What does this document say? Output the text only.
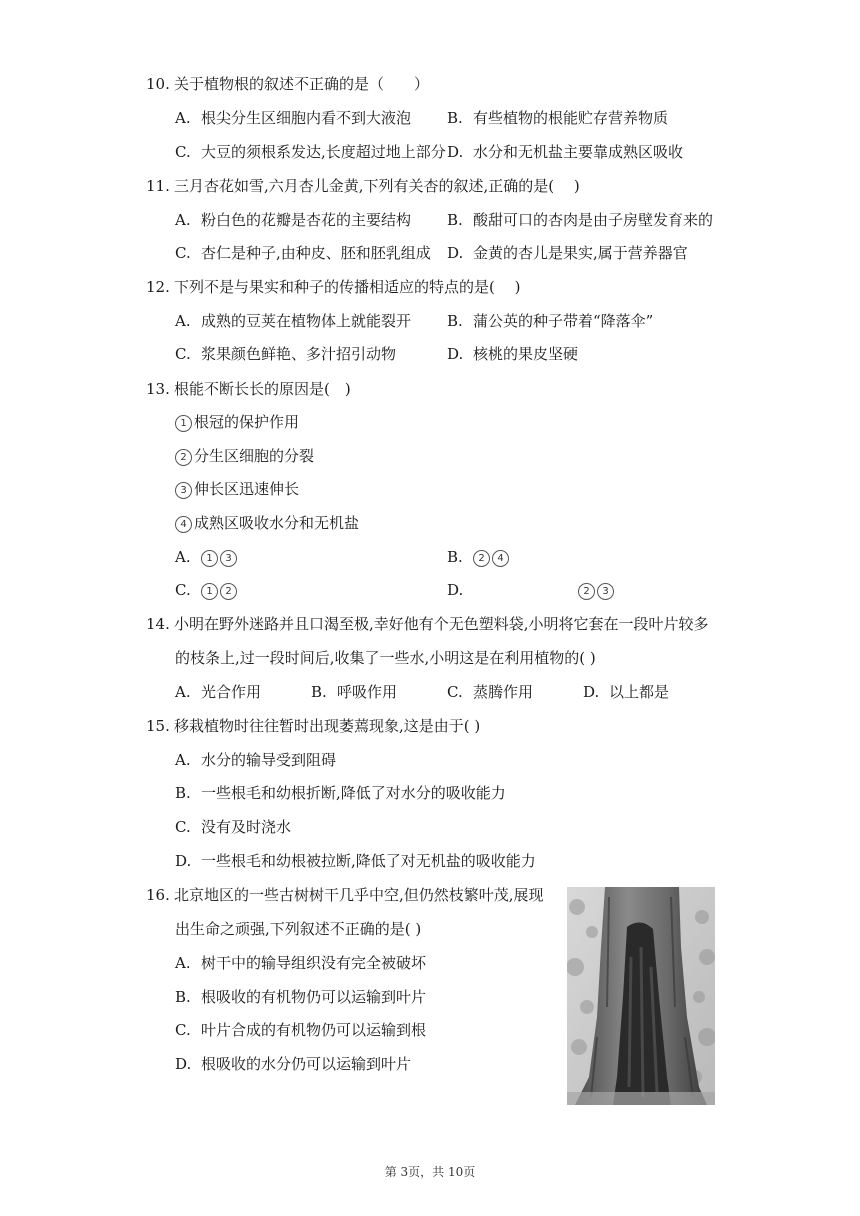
10. 关于植物根的叙述不正确的是（　　）
A. 根尖分生区细胞内看不到大液泡 B. 有些植物的根能贮存营养物质
C. 大豆的须根系发达,长度超过地上部分 D. 水分和无机盐主要靠成熟区吸收
11. 三月杏花如雪,六月杏儿金黄,下列有关杏的叙述,正确的是(　 )
A. 粉白色的花瓣是杏花的主要结构 B. 酸甜可口的杏肉是由子房壁发育来的
C. 杏仁是种子,由种皮、胚和胚乳组成 D. 金黄的杏儿是果实,属于营养器官
12. 下列不是与果实和种子的传播相适应的特点的是(　 )
A. 成熟的豆荚在植物体上就能裂开 B. 蒲公英的种子带着“降落伞”
C. 浆果颜色鲜艳、多汁招引动物	D. 核桃的果皮坚硬
13. 根能不断长长的原因是(　)
1 根冠的保护作用
2 分生区细胞的分裂
3 伸长区迅速伸长
4 成熟区吸收水分和无机盐
A. 1 3	B. 2 4
C. 1 2	D.	2 3
14. 小明在野外迷路并且口渴至极,幸好他有个无色塑料袋,小明将它套在一段叶片较多
的枝条上,过一段时间后,收集了一些水,小明这是在利用植物的( )
A. 光合作用	B. 呼吸作用	C. 蒸腾作用	D. 以上都是
15. 移栽植物时往往暂时出现萎蔫现象,这是由于( )
A. 水分的输导受到阻碍
B. 一些根毛和幼根折断,降低了对水分的吸收能力
C. 没有及时浇水
D. 一些根毛和幼根被拉断,降低了对无机盐的吸收能力
16. 北京地区的一些古树树干几乎中空,但仍然枝繁叶茂,展现
出生命之顽强,下列叙述不正确的是( )
A. 树干中的输导组织没有完全被破坏
B. 根吸收的有机物仍可以运输到叶片
C. 叶片合成的有机物仍可以运输到根
D. 根吸收的水分仍可以运输到叶片
第 3页，共 10页
